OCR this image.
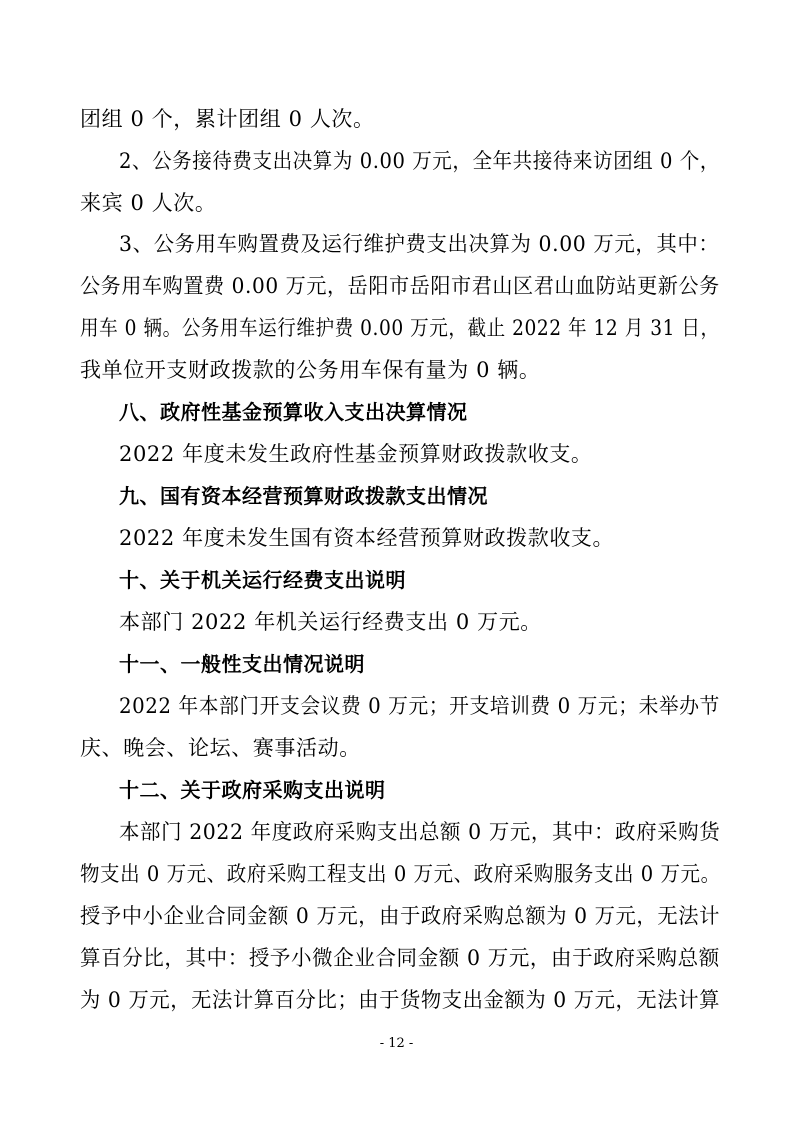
团组 0 个，累计团组 0 人次。
2、公务接待费支出决算为 0.00 万元，全年共接待来访团组 0 个，
来宾 0 人次。
3、公务用车购置费及运行维护费支出决算为 0.00 万元，其中：
公务用车购置费 0.00 万元，岳阳市岳阳市君山区君山血防站更新公务
用车 0 辆。公务用车运行维护费 0.00 万元，截止 2022 年 12 月 31 日，
我单位开支财政拨款的公务用车保有量为 0 辆。
八、政府性基金预算收入支出决算情况
2022 年度未发生政府性基金预算财政拨款收支。
九、国有资本经营预算财政拨款支出情况
2022 年度未发生国有资本经营预算财政拨款收支。
十、关于机关运行经费支出说明
本部门 2022 年机关运行经费支出 0 万元。
十一、一般性支出情况说明
2022 年本部门开支会议费 0 万元；开支培训费 0 万元；未举办节
庆、晚会、论坛、赛事活动。
十二、关于政府采购支出说明
本部门 2022 年度政府采购支出总额 0 万元，其中：政府采购货
物支出 0 万元、政府采购工程支出 0 万元、政府采购服务支出 0 万元。
授予中小企业合同金额 0 万元，由于政府采购总额为 0 万元，无法计
算百分比，其中：授予小微企业合同金额 0 万元，由于政府采购总额
为 0 万元，无法计算百分比；由于货物支出金额为 0 万元，无法计算
- 12 -
